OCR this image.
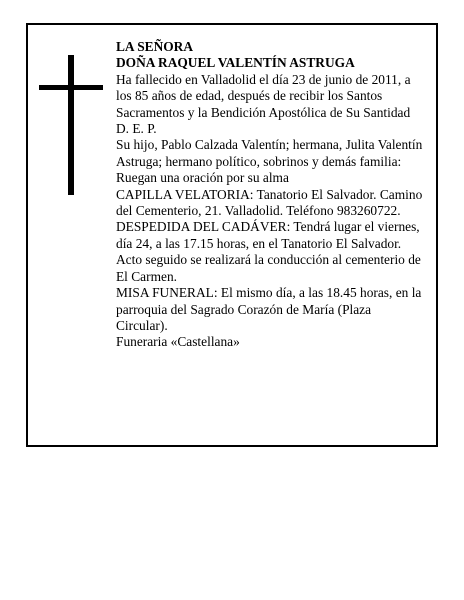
LA SEÑORA

DOÑA RAQUEL VALENTÍN ASTRUGA

Ha fallecido en Valladolid el día 23 de junio de 2011, a los 85 años de edad, después de recibir los Santos Sacramentos y la Bendición Apostólica de Su Santidad D. E. P.

Su hijo, Pablo Calzada Valentín; hermana, Julita Valentín Astruga; hermano político, sobrinos y demás familia:

Ruegan una oración por su alma

CAPILLA VELATORIA: Tanatorio El Salvador. Camino del Cementerio, 21. Valladolid. Teléfono 983260722.

DESPEDIDA DEL CADÁVER: Tendrá lugar el viernes, día 24, a las 17.15 horas, en el Tanatorio El Salvador. Acto seguido se realizará la conducción al cementerio de El Carmen.

MISA FUNERAL: El mismo día, a las 18.45 horas, en la parroquia del Sagrado Corazón de María (Plaza Circular).

Funeraria «Castellana»
